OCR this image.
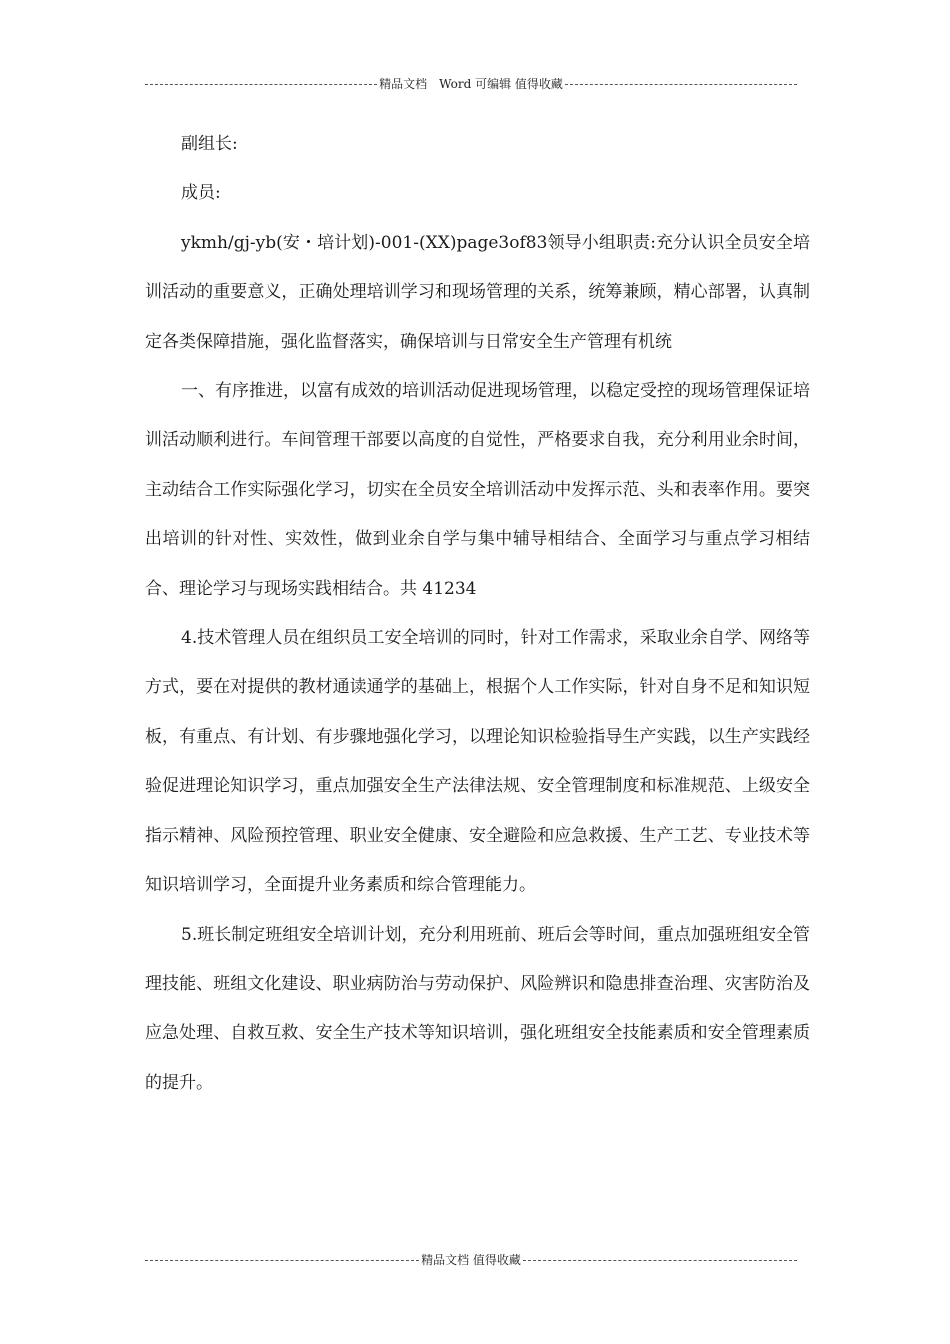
精品文档　Word 可编辑 值得收藏

副组长:

成员:

ykmh/gj-yb(安・培计划)-001-(XX)page3of83领导小组职责:充分认识全员安全培训活动的重要意义，正确处理培训学习和现场管理的关系，统筹兼顾，精心部署，认真制定各类保障措施，强化监督落实，确保培训与日常安全生产管理有机统

一、有序推进，以富有成效的培训活动促进现场管理，以稳定受控的现场管理保证培训活动顺利进行。车间管理干部要以高度的自觉性，严格要求自我，充分利用业余时间，主动结合工作实际强化学习，切实在全员安全培训活动中发挥示范、头和表率作用。要突出培训的针对性、实效性，做到业余自学与集中辅导相结合、全面学习与重点学习相结合、理论学习与现场实践相结合。共 41234

4.技术管理人员在组织员工安全培训的同时，针对工作需求，采取业余自学、网络等方式，要在对提供的教材通读通学的基础上，根据个人工作实际，针对自身不足和知识短板，有重点、有计划、有步骤地强化学习，以理论知识检验指导生产实践，以生产实践经验促进理论知识学习，重点加强安全生产法律法规、安全管理制度和标准规范、上级安全指示精神、风险预控管理、职业安全健康、安全避险和应急救援、生产工艺、专业技术等知识培训学习，全面提升业务素质和综合管理能力。

5.班长制定班组安全培训计划，充分利用班前、班后会等时间，重点加强班组安全管理技能、班组文化建设、职业病防治与劳动保护、风险辨识和隐患排查治理、灾害防治及应急处理、自救互救、安全生产技术等知识培训，强化班组安全技能素质和安全管理素质的提升。

精品文档 值得收藏
